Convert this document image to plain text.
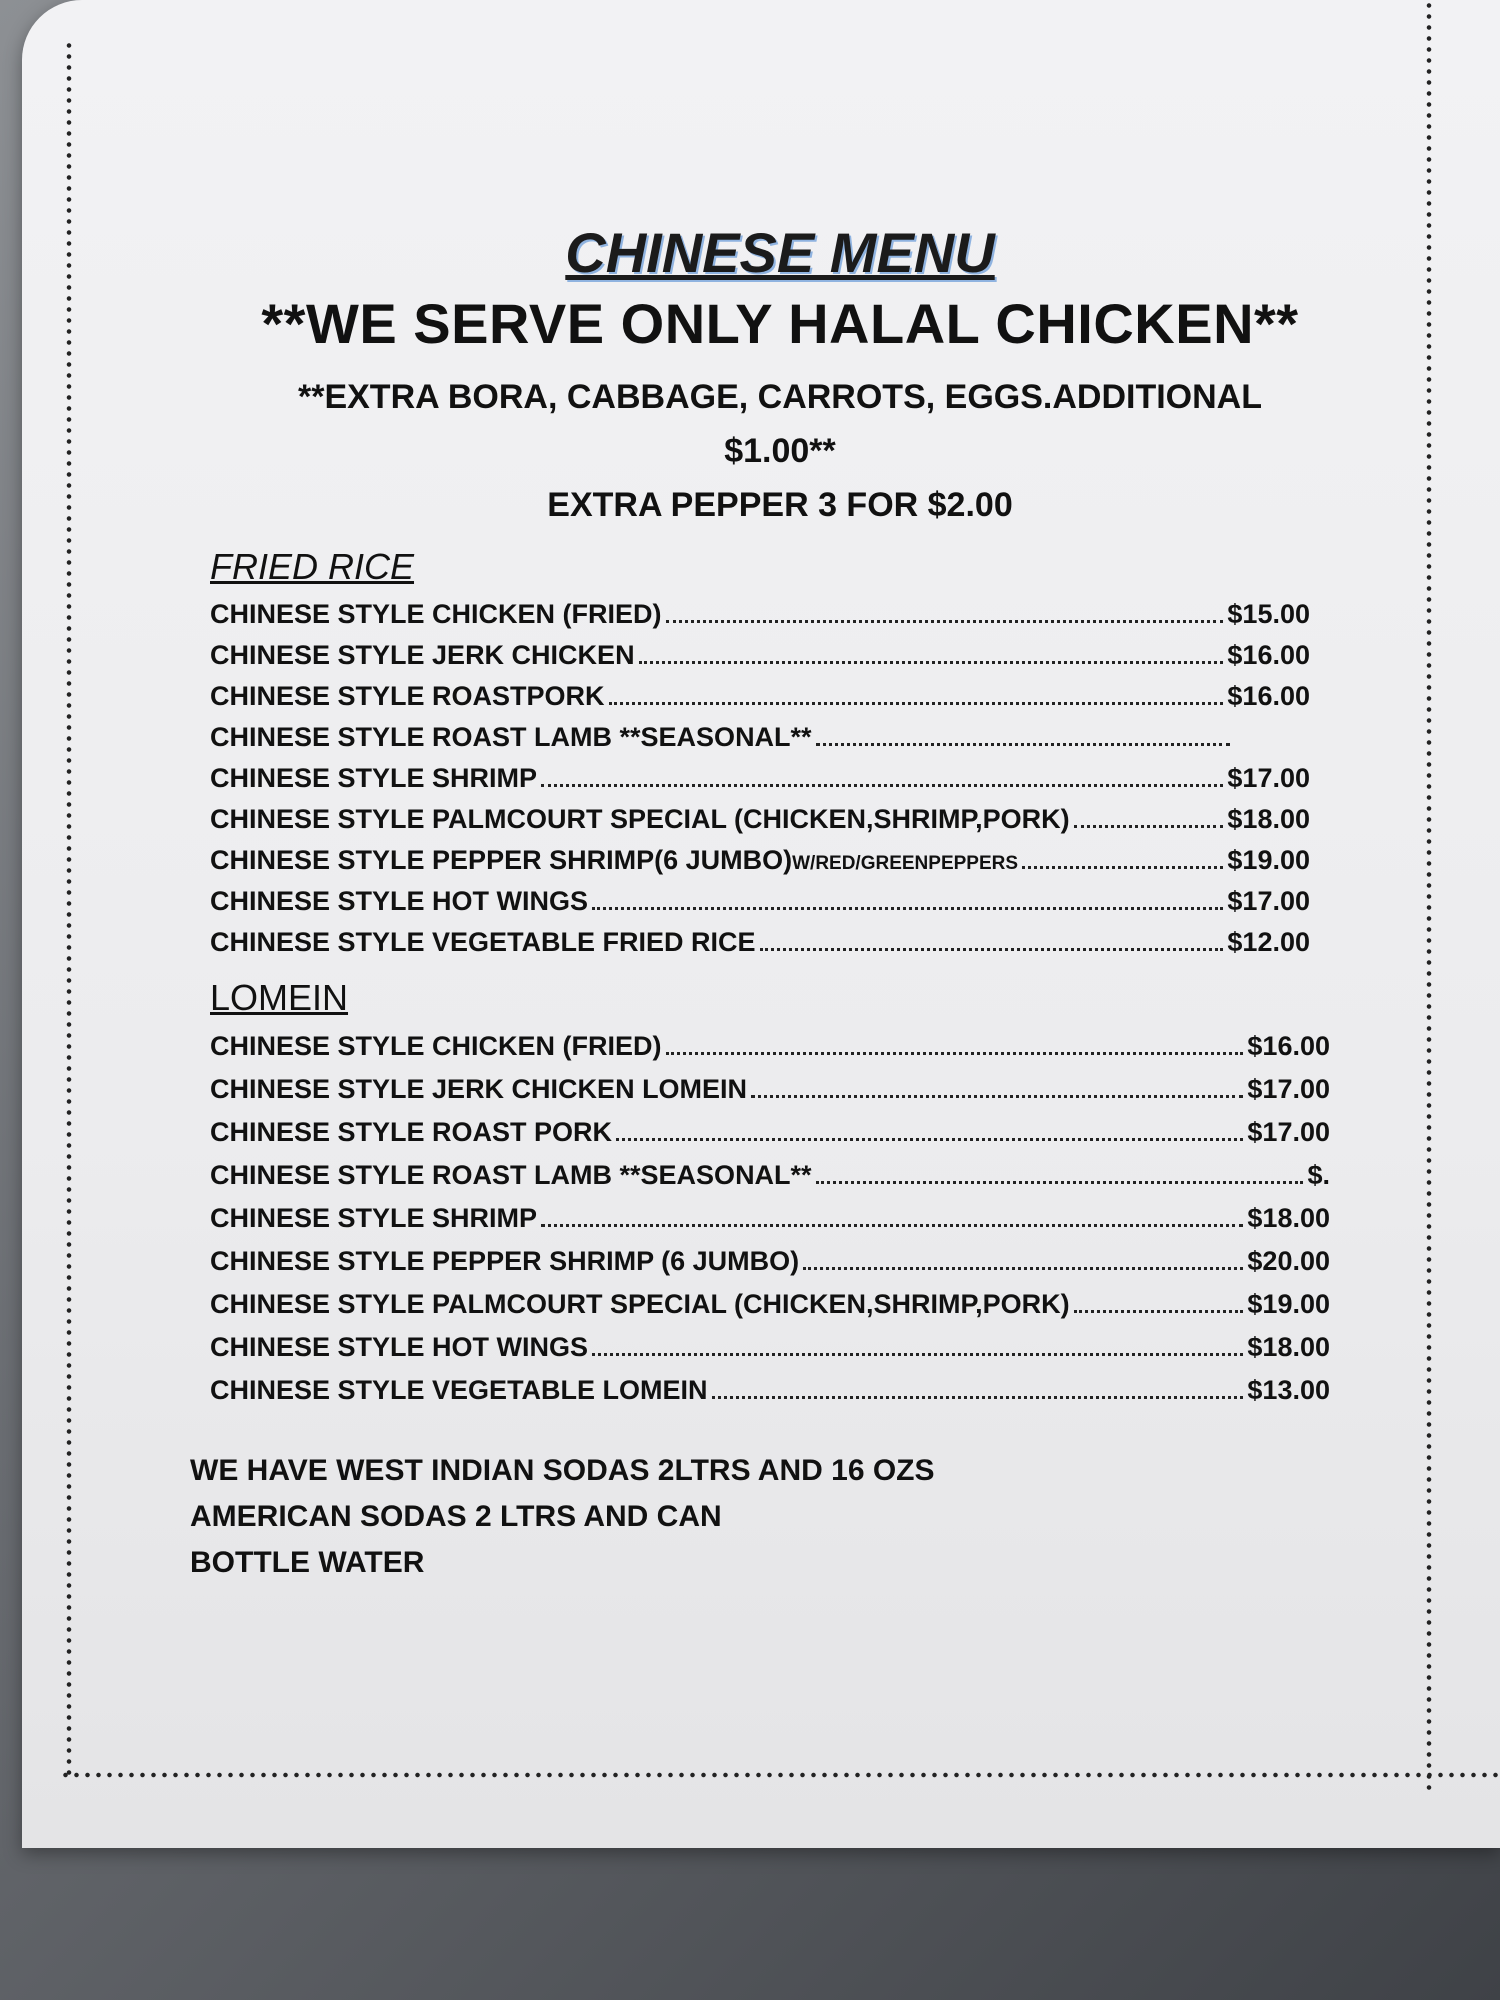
CHINESE MENU
**WE SERVE ONLY HALAL CHICKEN**
**EXTRA BORA, CABBAGE, CARROTS, EGGS.ADDITIONAL
$1.00**
EXTRA PEPPER 3 FOR $2.00
FRIED RICE
CHINESE STYLE CHICKEN (FRIED)	$15.00
CHINESE STYLE JERK CHICKEN	$16.00
CHINESE STYLE ROASTPORK	$16.00
CHINESE STYLE ROAST LAMB **SEASONAL**
CHINESE STYLE SHRIMP	$17.00
CHINESE STYLE PALMCOURT SPECIAL (CHICKEN,SHRIMP,PORK)	$18.00
CHINESE STYLE PEPPER SHRIMP(6 JUMBO)W/RED/GREENPEPPERS	$19.00
CHINESE STYLE HOT WINGS	$17.00
CHINESE STYLE VEGETABLE FRIED RICE	$12.00
LOMEIN
CHINESE STYLE CHICKEN (FRIED)	$16.00
CHINESE STYLE JERK CHICKEN LOMEIN	$17.00
CHINESE STYLE ROAST PORK	$17.00
CHINESE STYLE ROAST LAMB **SEASONAL**	$.
CHINESE STYLE SHRIMP	$18.00
CHINESE STYLE PEPPER SHRIMP (6 JUMBO)	$20.00
CHINESE STYLE PALMCOURT SPECIAL (CHICKEN,SHRIMP,PORK)	$19.00
CHINESE STYLE HOT WINGS	$18.00
CHINESE STYLE VEGETABLE LOMEIN	$13.00
WE HAVE WEST INDIAN SODAS 2LTRS AND 16 OZS
AMERICAN SODAS 2 LTRS AND CAN
BOTTLE WATER
